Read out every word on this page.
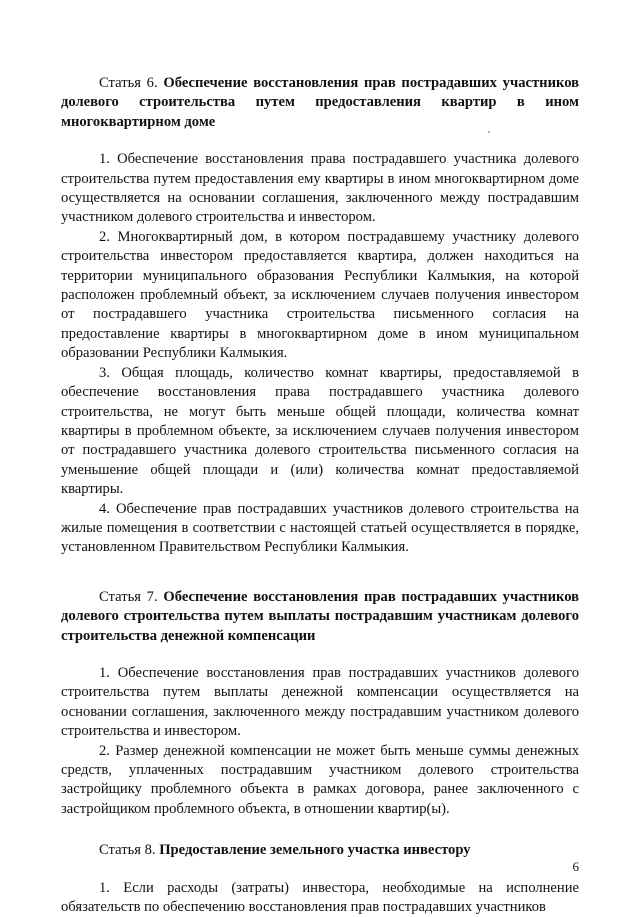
Статья 6. Обеспечение восстановления прав пострадавших участников долевого строительства путем предоставления квартир в ином многоквартирном доме

1. Обеспечение восстановления права пострадавшего участника долевого строительства путем предоставления ему квартиры в ином многоквартирном доме осуществляется на основании соглашения, заключенного между пострадавшим участником долевого строительства и инвестором.

2. Многоквартирный дом, в котором пострадавшему участнику долевого строительства инвестором предоставляется квартира, должен находиться на территории муниципального образования Республики Калмыкия, на которой расположен проблемный объект, за исключением случаев получения инвестором от пострадавшего участника строительства письменного согласия на предоставление квартиры в многоквартирном доме в ином муниципальном образовании Республики Калмыкия.

3. Общая площадь, количество комнат квартиры, предоставляемой в обеспечение восстановления права пострадавшего участника долевого строительства, не могут быть меньше общей площади, количества комнат квартиры в проблемном объекте, за исключением случаев получения инвестором от пострадавшего участника долевого строительства письменного согласия на уменьшение общей площади и (или) количества комнат предоставляемой квартиры.

4. Обеспечение прав пострадавших участников долевого строительства на жилые помещения в соответствии с настоящей статьей осуществляется в порядке, установленном Правительством Республики Калмыкия.

Статья 7. Обеспечение восстановления прав пострадавших участников долевого строительства путем выплаты пострадавшим участникам долевого строительства денежной компенсации

1. Обеспечение восстановления прав пострадавших участников долевого строительства путем выплаты денежной компенсации осуществляется на основании соглашения, заключенного между пострадавшим участником долевого строительства и инвестором.

2. Размер денежной компенсации не может быть меньше суммы денежных средств, уплаченных пострадавшим участником долевого строительства застройщику проблемного объекта в рамках договора, ранее заключенного с застройщиком проблемного объекта, в отношении квартир(ы).

Статья 8. Предоставление земельного участка инвестору

1. Если расходы (затраты) инвестора, необходимые на исполнение обязательств по обеспечению восстановления прав пострадавших участников

6
